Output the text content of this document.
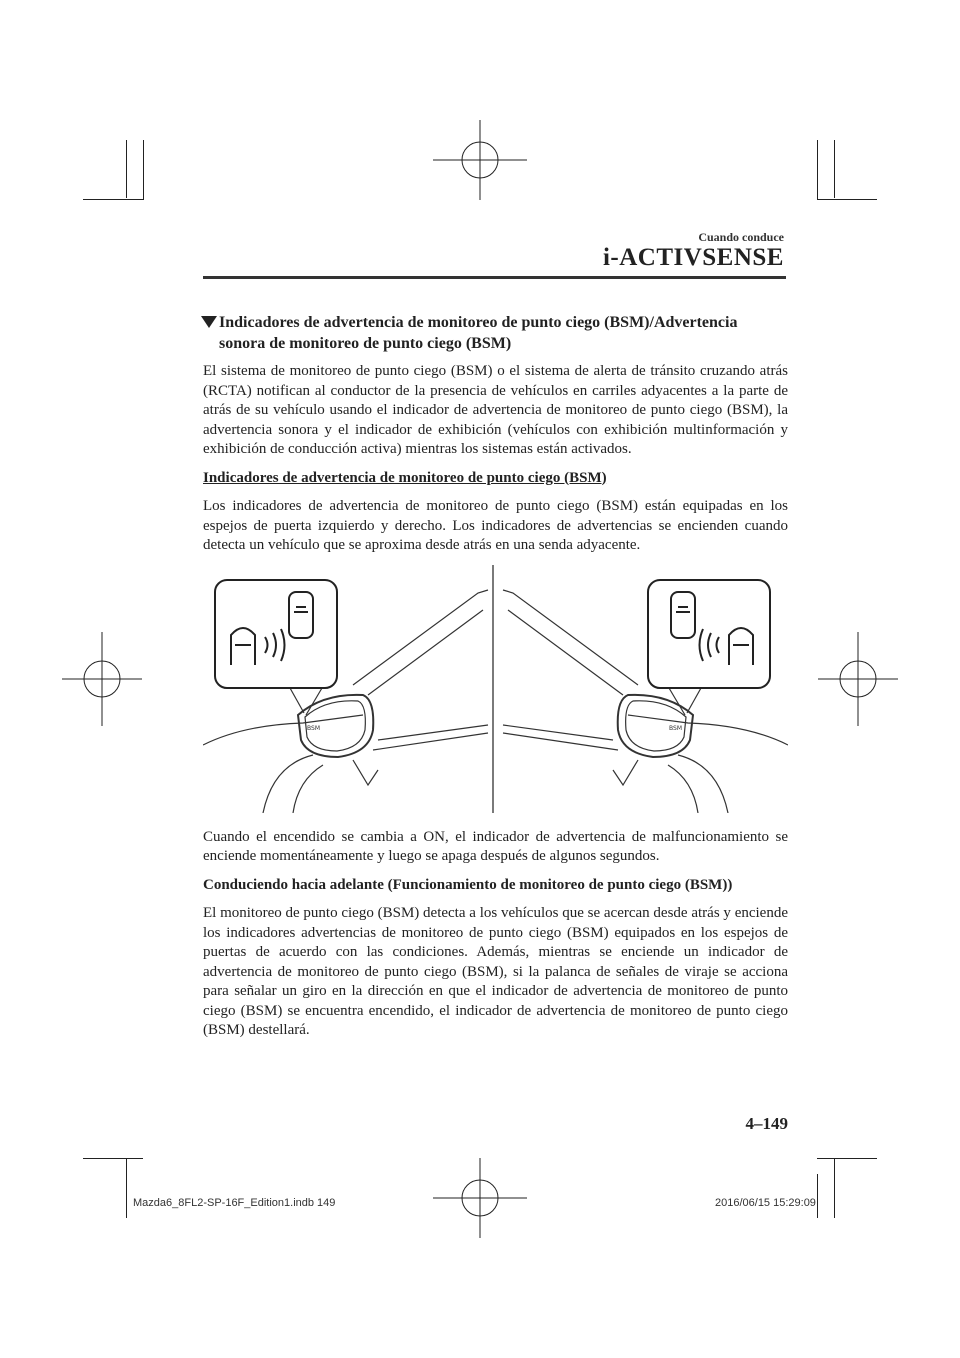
Cuando conduce
i-ACTIVSENSE
Indicadores de advertencia de monitoreo de punto ciego (BSM)/Advertencia
sonora de monitoreo de punto ciego (BSM)

El sistema de monitoreo de punto ciego (BSM) o el sistema de alerta de tránsito cruzando atrás (RCTA) notifican al conductor de la presencia de vehículos en carriles adyacentes a la parte de atrás de su vehículo usando el indicador de advertencia de monitoreo de punto ciego (BSM), la advertencia sonora y el indicador de exhibición (vehículos con exhibición multinformación y exhibición de conducción activa) mientras los sistemas están activados.

Indicadores de advertencia de monitoreo de punto ciego (BSM)

Los indicadores de advertencia de monitoreo de punto ciego (BSM) están equipadas en los espejos de puerta izquierdo y derecho. Los indicadores de advertencias se encienden cuando detecta un vehículo que se aproxima desde atrás en una senda adyacente.

BSM	BSM

Cuando el encendido se cambia a ON, el indicador de advertencia de malfuncionamiento se enciende momentáneamente y luego se apaga después de algunos segundos.

Conduciendo hacia adelante (Funcionamiento de monitoreo de punto ciego (BSM))

El monitoreo de punto ciego (BSM) detecta a los vehículos que se acercan desde atrás y enciende los indicadores advertencias de monitoreo de punto ciego (BSM) equipados en los espejos de puertas de acuerdo con las condiciones. Además, mientras se enciende un indicador de advertencia de monitoreo de punto ciego (BSM), si la palanca de señales de viraje se acciona para señalar un giro en la dirección en que el indicador de advertencia de monitoreo de punto ciego (BSM) se encuentra encendido, el indicador de advertencia de monitoreo de punto ciego (BSM) destellará.

4–149
Mazda6_8FL2-SP-16F_Edition1.indb 149	2016/06/15 15:29:09
